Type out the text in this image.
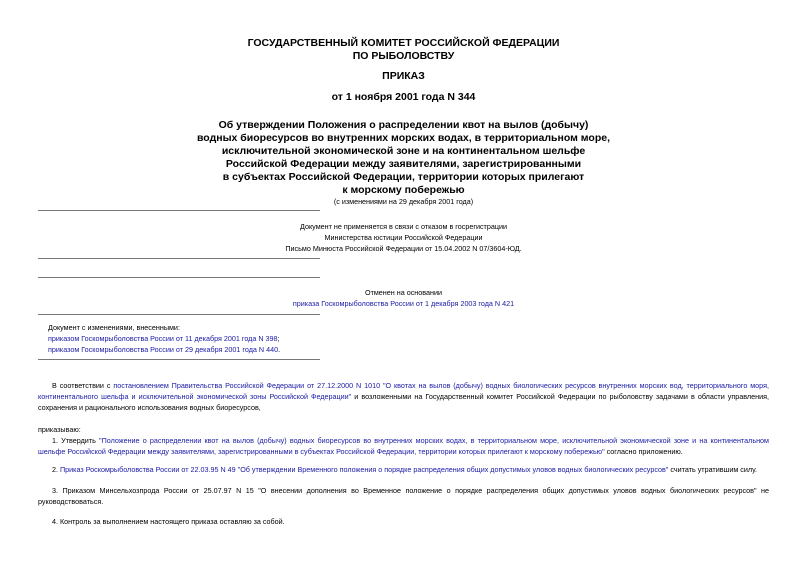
ГОСУДАРСТВЕННЫЙ КОМИТЕТ РОССИЙСКОЙ ФЕДЕРАЦИИ
ПО РЫБОЛОВСТВУ
ПРИКАЗ
от 1 ноября 2001 года N 344
Об утверждении Положения о распределении квот на вылов (добычу)
водных биоресурсов во внутренних морских водах, в территориальном море,
исключительной экономической зоне и на континентальном шельфе
Российской Федерации между заявителями, зарегистрированными
в субъектах Российской Федерации, территории которых прилегают
к морскому побережью
(с изменениями на 29 декабря 2001 года)
Документ не применяется в связи с отказом в госрегистрации
Министерства юстиции Российской Федерации
Письмо Минюста Российской Федерации от 15.04.2002 N 07/3604-ЮД.
Отменен на основании
приказа Госкомрыболовства России от 1 декабря 2003 года N 421
Документ с изменениями, внесенными:
приказом Госкомрыболовства России от 11 декабря 2001 года N 398;
приказом Госкомрыболовства России от 29 декабря 2001 года N 440.
В соответствии с постановлением Правительства Российской Федерации от 27.12.2000 N 1010 "О квотах на вылов (добычу) водных биологических ресурсов внутренних морских вод, территориального моря, континентального шельфа и исключительной экономической зоны Российской Федерации" и возложенными на Государственный комитет Российской Федерации по рыболовству задачами в области управления, сохранения и рационального использования водных биоресурсов,
приказываю:
1. Утвердить "Положение о распределении квот на вылов (добычу) водных биоресурсов во внутренних морских водах, в территориальном море, исключительной экономической зоне и на континентальном шельфе Российской Федерации между заявителями, зарегистрированными в субъектах Российской Федерации, территории которых прилегают к морскому побережью" согласно приложению.
2. Приказ Роскомрыболовства России от 22.03.95 N 49 "Об утверждении Временного положения о порядке распределения общих допустимых уловов водных биологических ресурсов" считать утратившим силу.
3. Приказом Минсельхозпрода России от 25.07.97 N 15 "О внесении дополнения во Временное положение о порядке распределения общих допустимых уловов водных биологических ресурсов" не руководствоваться.
4. Контроль за выполнением настоящего приказа оставляю за собой.
